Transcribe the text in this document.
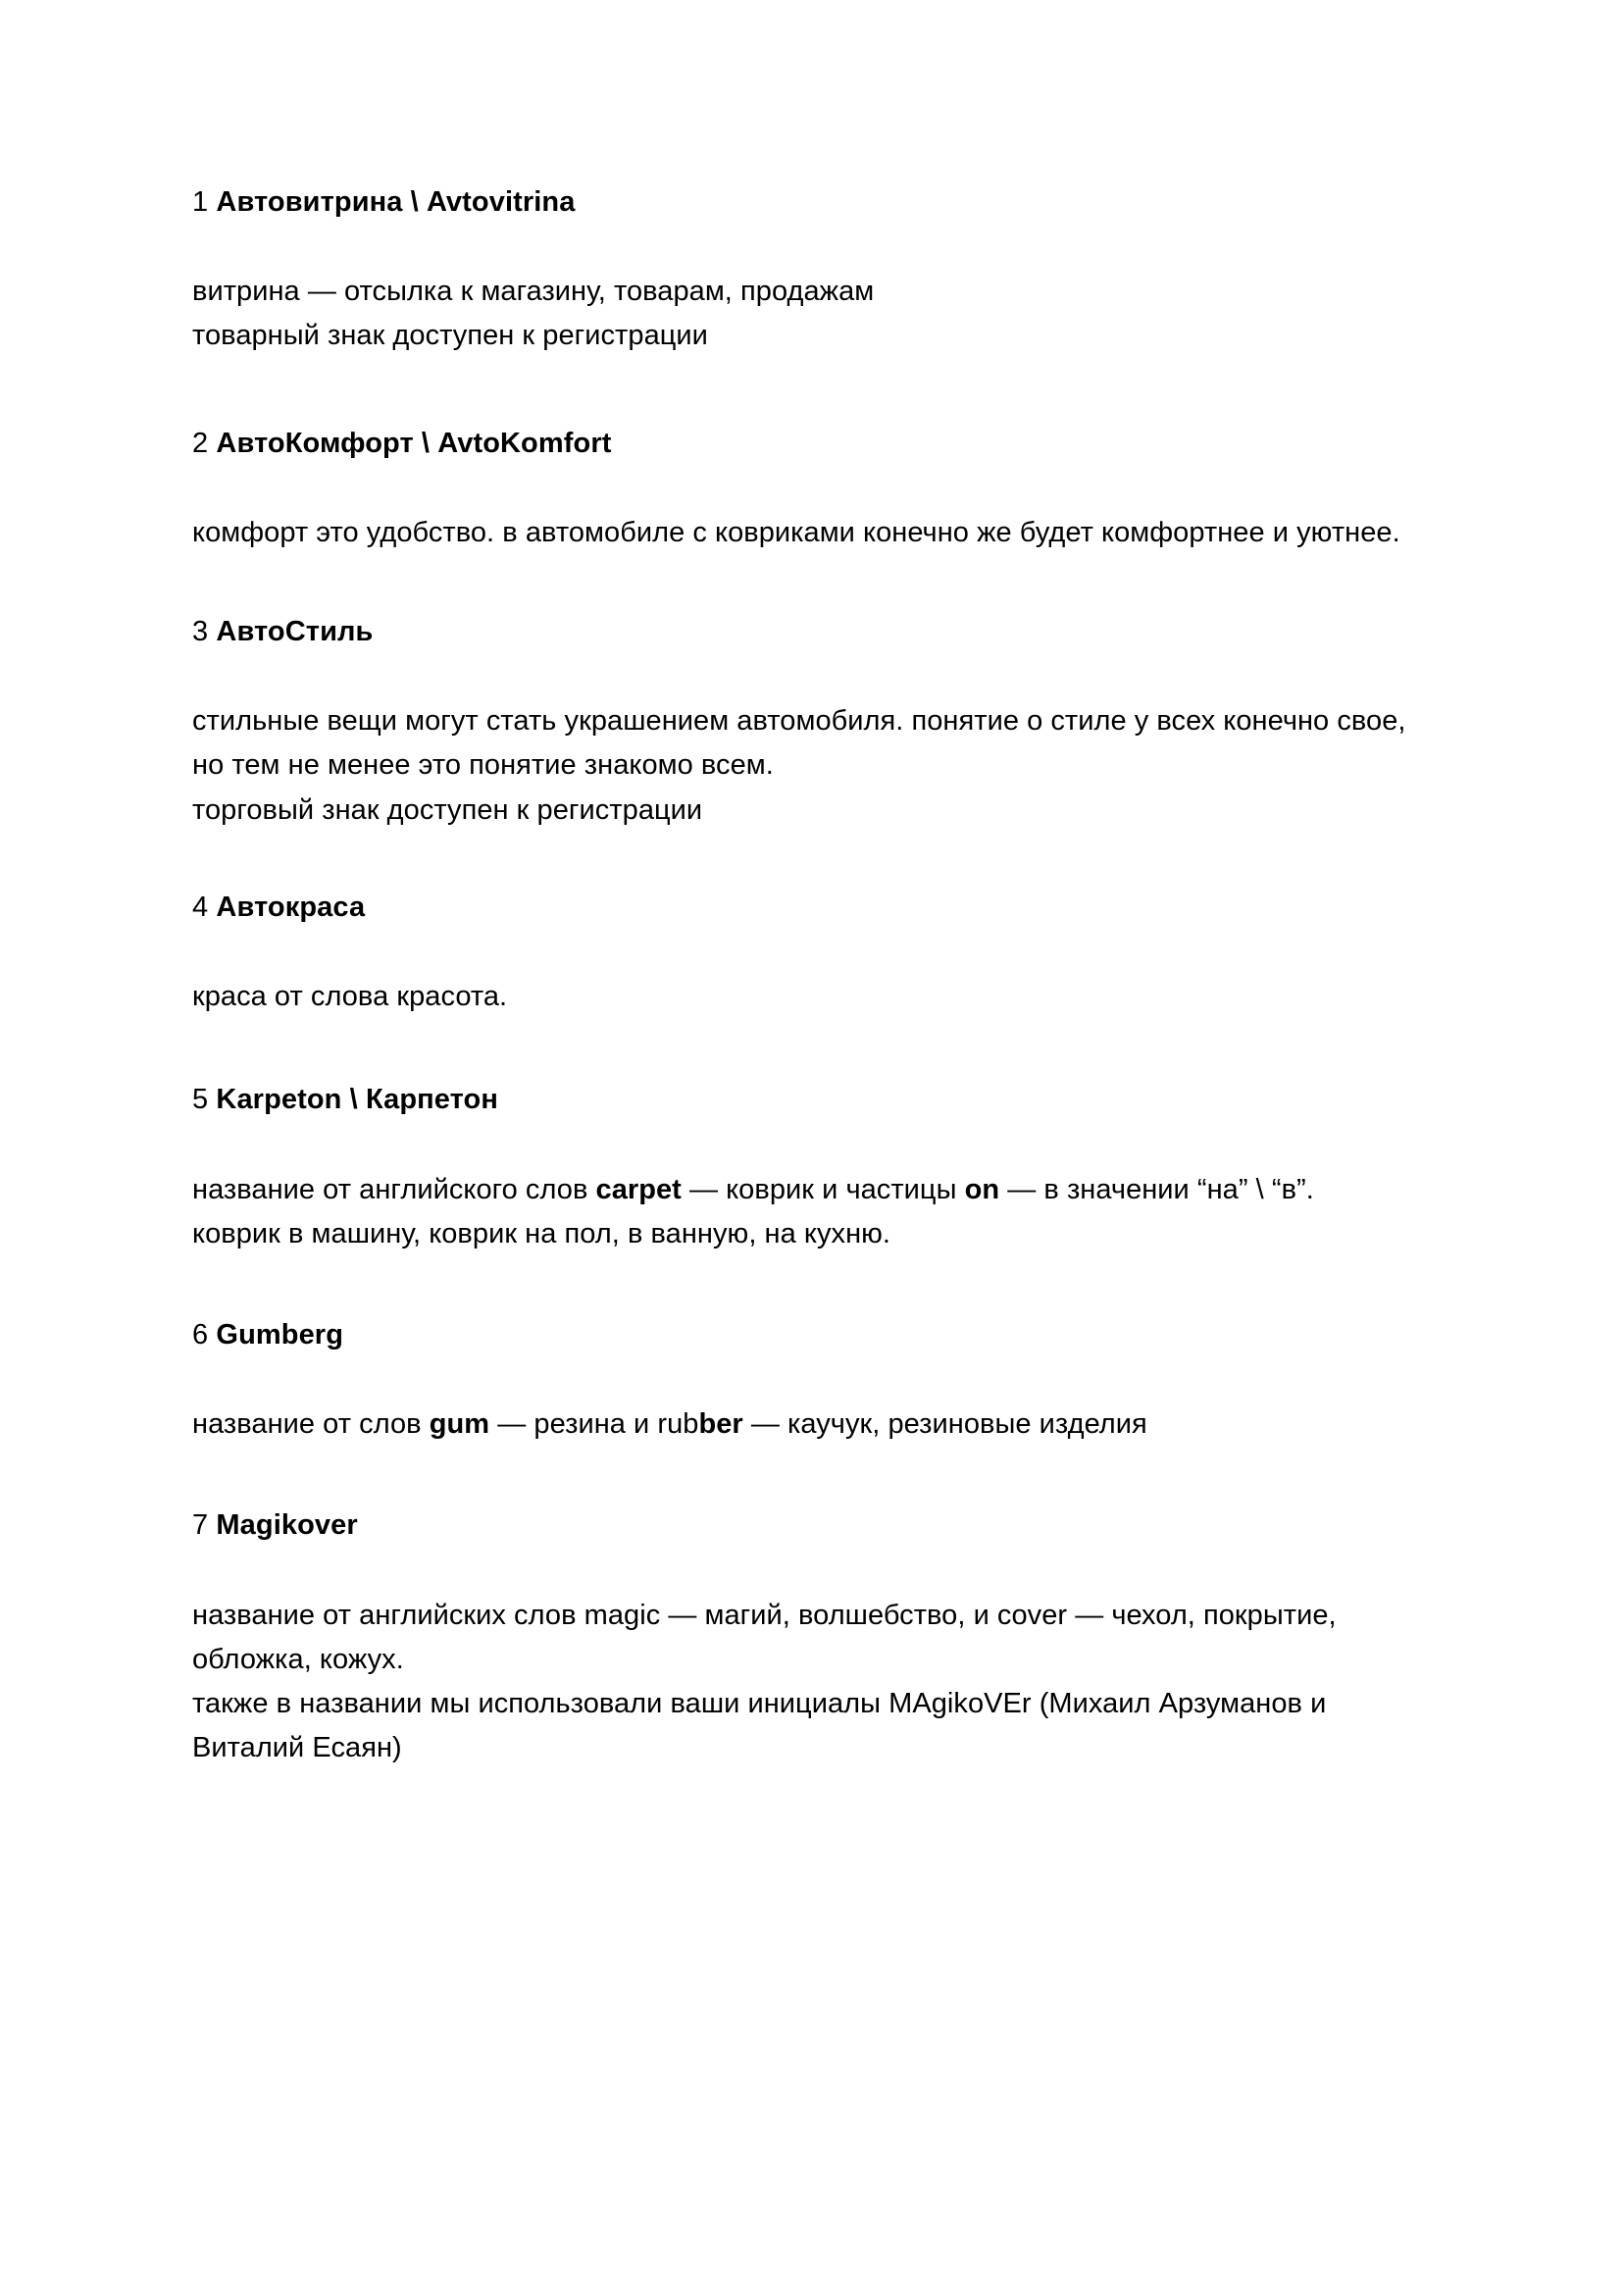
1 Автовитрина \ Avtovitrina

витрина — отсылка к магазину, товарам, продажам

товарный знак доступен к регистрации

2 АвтоКомфорт \ AvtoKomfort

комфорт это удобство. в автомобиле с ковриками конечно же будет комфортнее и уютнее.

3 АвтоСтиль

стильные вещи могут стать украшением автомобиля. понятие о стиле у всех конечно свое, но тем не менее это понятие знакомо всем.

торговый знак доступен к регистрации

4 Автокраса

краса от слова красота.

5 Karpeton \ Карпетон

название от английского слов carpet — коврик и частицы on — в значении “на” \ “в”.

коврик в машину, коврик на пол, в ванную, на кухню.

6 Gumberg

название от слов gum — резина и rubber — каучук, резиновые изделия

7 Magikover

название от английских слов magic — магий, волшебство, и cover — чехол, покрытие, обложка, кожух.

также в названии мы использовали ваши инициалы MAgikoVEr (Михаил Арзуманов и Виталий Есаян)
